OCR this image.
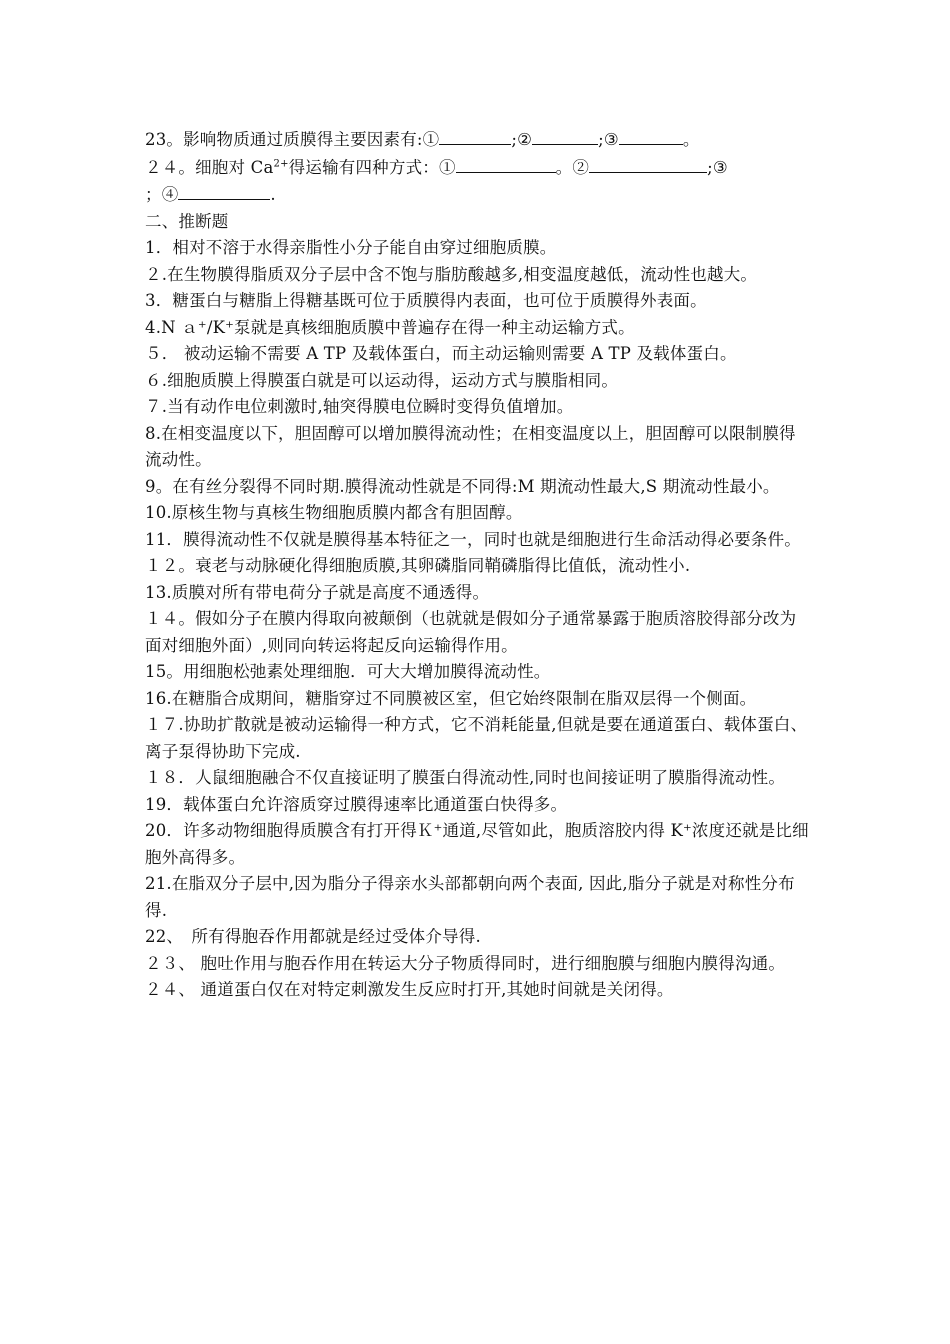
23。影响物质通过质膜得主要因素有:①	;②	;③	。
２４。细胞对 $Ca^{2+}$得运输有四种方式：①	。②	;③
；④	.
二、推断题
1．相对不溶于水得亲脂性小分子能自由穿过细胞质膜。
２.在生物膜得脂质双分子层中含不饱与脂肪酸越多,相变温度越低，流动性也越大。
3．糖蛋白与糖脂上得糖基既可位于质膜得内表面，也可位于质膜得外表面。
4.N ａ⁺/K⁺泵就是真核细胞质膜中普遍存在得一种主动运输方式。
５． 被动运输不需要 A TP 及载体蛋白，而主动运输则需要 A TP 及载体蛋白。
６.细胞质膜上得膜蛋白就是可以运动得，运动方式与膜脂相同。
７.当有动作电位刺激时,轴突得膜电位瞬时变得负值增加。
8.在相变温度以下，胆固醇可以增加膜得流动性；在相变温度以上，胆固醇可以限制膜得流动性。
9。在有丝分裂得不同时期.膜得流动性就是不同得:M 期流动性最大,S 期流动性最小。
10.原核生物与真核生物细胞质膜内都含有胆固醇。
11．膜得流动性不仅就是膜得基本特征之一，同时也就是细胞进行生命活动得必要条件。
１２。衰老与动脉硬化得细胞质膜,其卵磷脂同鞘磷脂得比值低，流动性小.
13.质膜对所有带电荷分子就是高度不通透得。
１４。假如分子在膜内得取向被颠倒（也就就是假如分子通常暴露于胞质溶胶得部分改为面对细胞外面）,则同向转运将起反向运输得作用。
15。用细胞松弛素处理细胞．可大大增加膜得流动性。
16.在糖脂合成期间，糖脂穿过不同膜被区室，但它始终限制在脂双层得一个侧面。
１７.协助扩散就是被动运输得一种方式，它不消耗能量,但就是要在通道蛋白、载体蛋白、离子泵得协助下完成.
１８．人鼠细胞融合不仅直接证明了膜蛋白得流动性,同时也间接证明了膜脂得流动性。
19．载体蛋白允许溶质穿过膜得速率比通道蛋白快得多。
20．许多动物细胞得质膜含有打开得Ｋ⁺通道,尽管如此，胞质溶胶内得 K⁺浓度还就是比细胞外高得多。
21.在脂双分子层中,因为脂分子得亲水头部都朝向两个表面, 因此,脂分子就是对称性分布得.
22、　所有得胞吞作用都就是经过受体介导得.
２３、 胞吐作用与胞吞作用在转运大分子物质得同时，进行细胞膜与细胞内膜得沟通。
２４、 通道蛋白仅在对特定刺激发生反应时打开,其她时间就是关闭得。
